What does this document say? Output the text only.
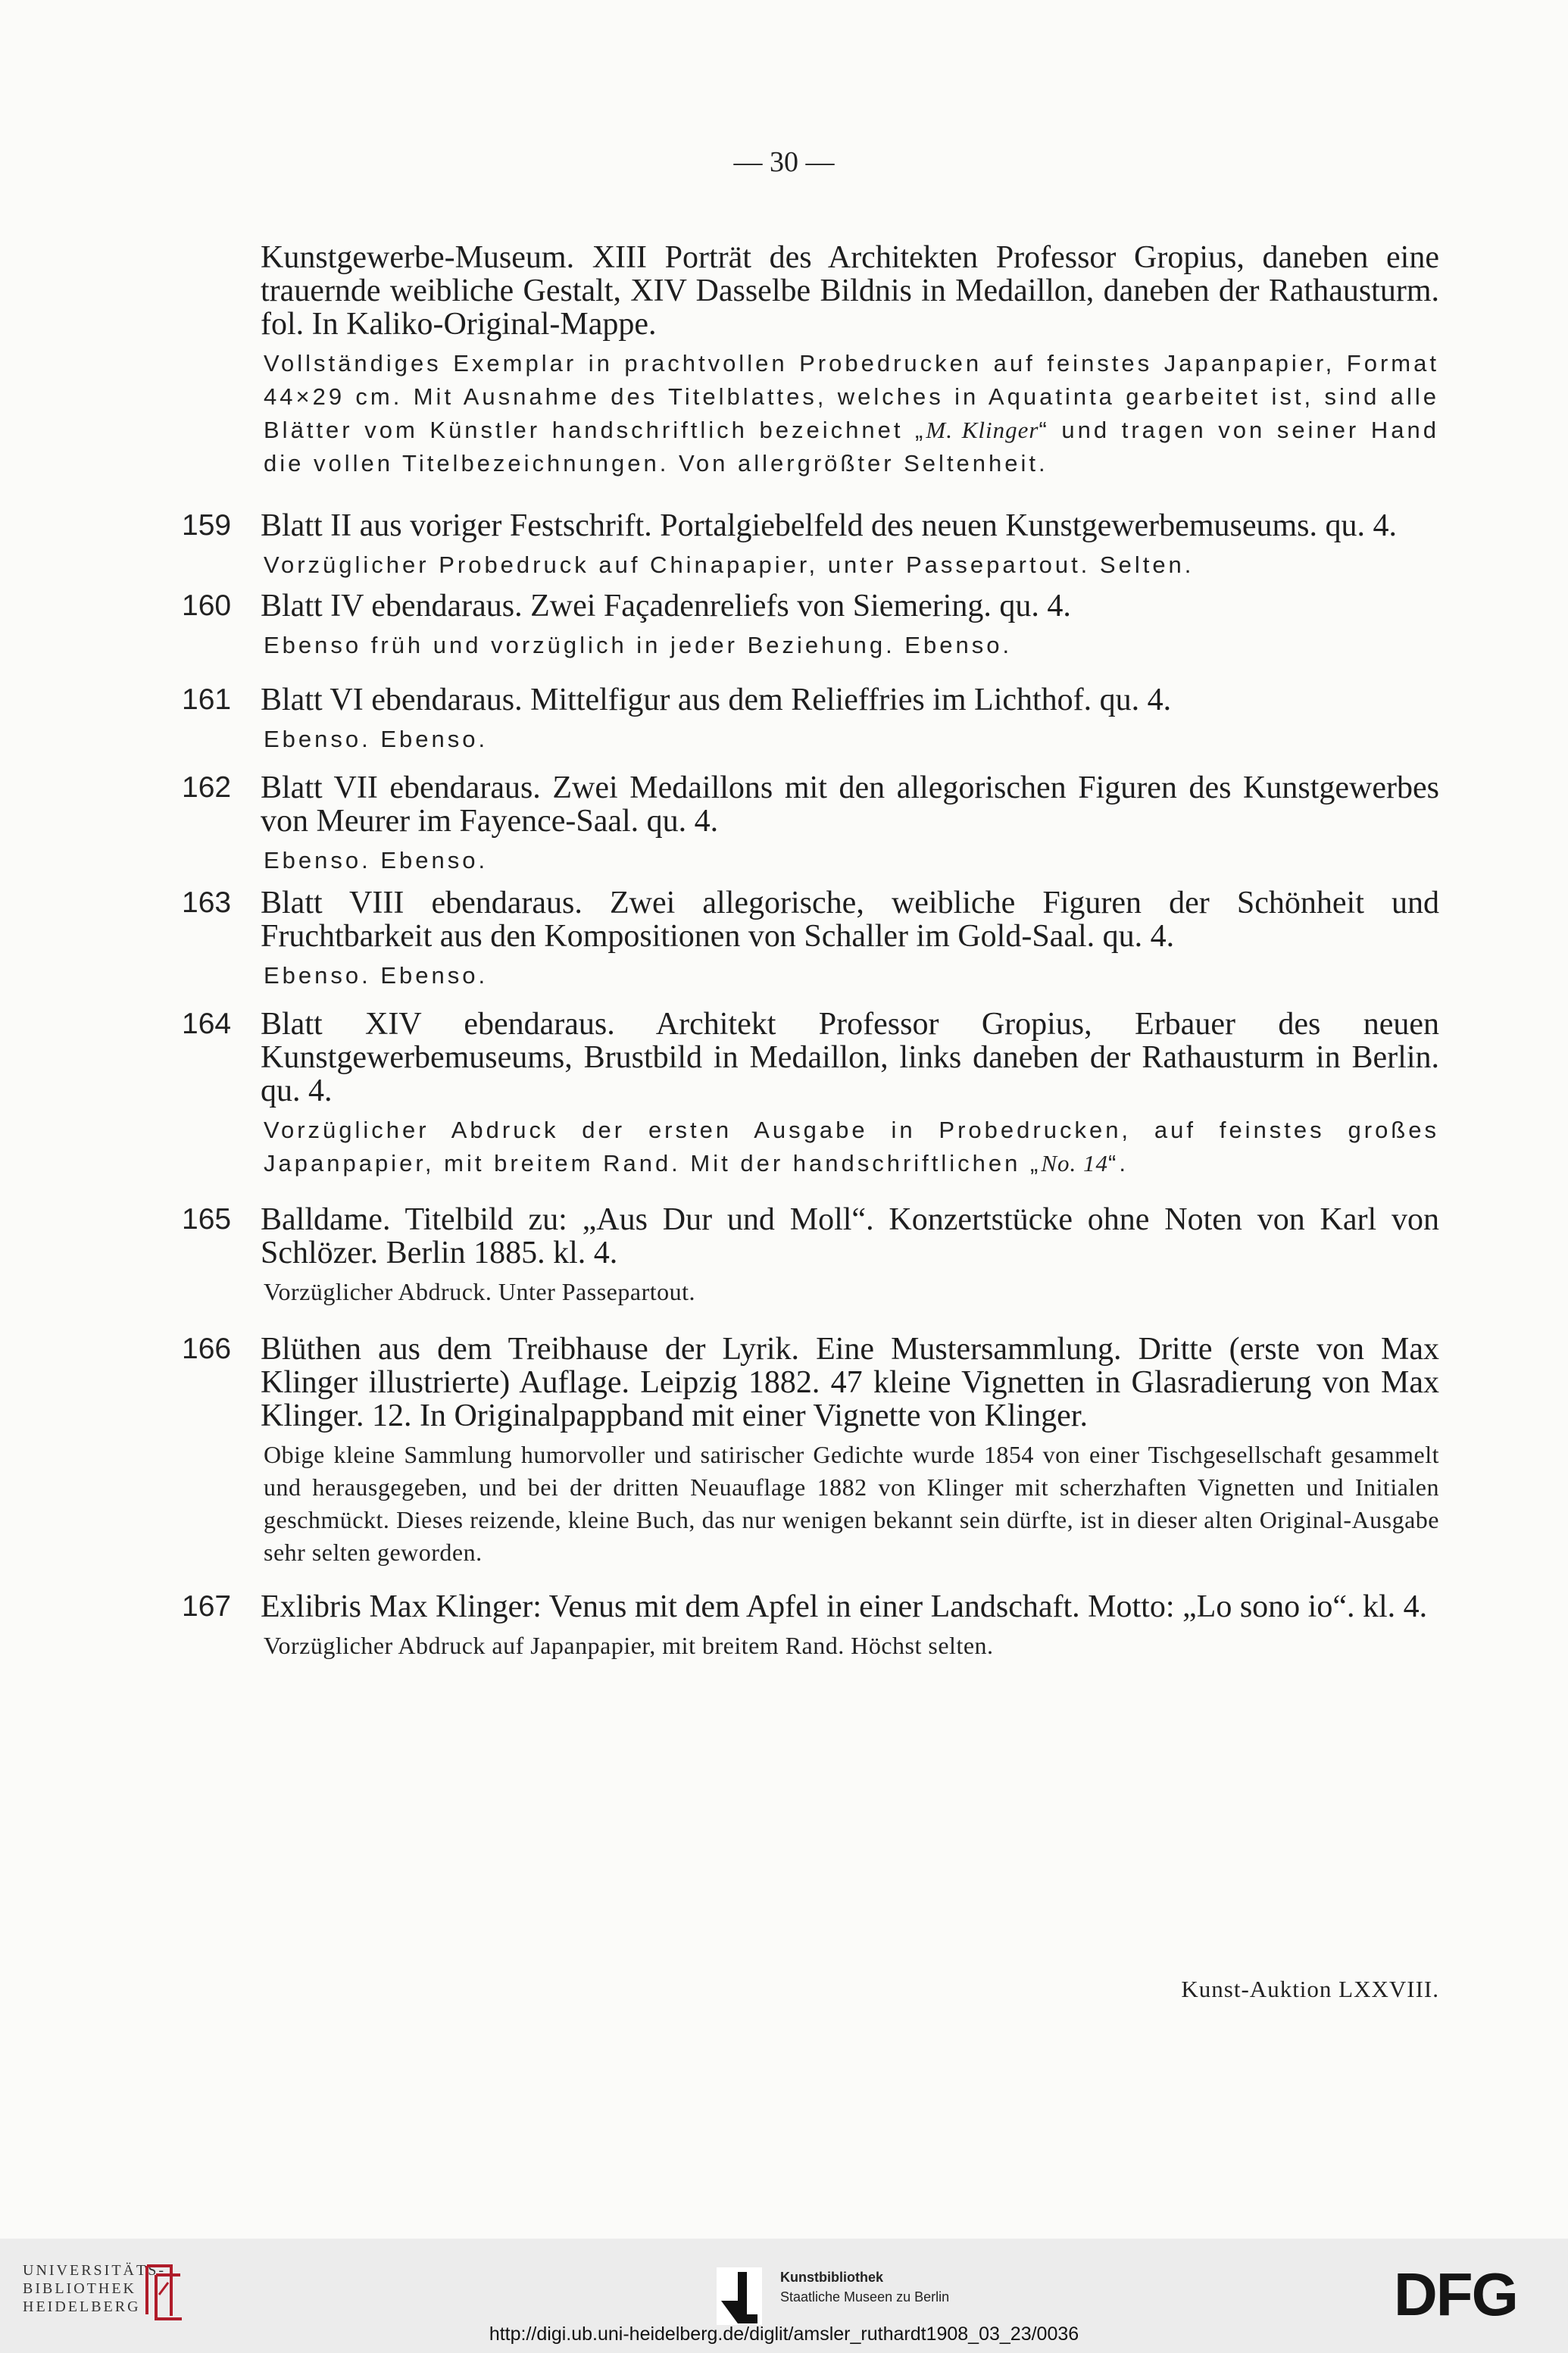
— 30 —

Kunstgewerbe-Museum. XIII Porträt des Architekten Professor Gropius, daneben eine trauernde weibliche Gestalt, XIV Dasselbe Bildnis in Medaillon, daneben der Rathausturm. fol. In Kaliko-Original-Mappe.

Vollständiges Exemplar in prachtvollen Probedrucken auf feinstes Japanpapier, Format 44×29 cm. Mit Ausnahme des Titelblattes, welches in Aquatinta gearbeitet ist, sind alle Blätter vom Künstler handschriftlich bezeichnet „M. Klinger“ und tragen von seiner Hand die vollen Titelbezeichnungen. Von allergrößter Seltenheit.

159 Blatt II aus voriger Festschrift. Portalgiebelfeld des neuen Kunstgewerbemuseums. qu. 4.

Vorzüglicher Probedruck auf Chinapapier, unter Passepartout. Selten.

160 Blatt IV ebendaraus. Zwei Façadenreliefs von Siemering. qu. 4.

Ebenso früh und vorzüglich in jeder Beziehung. Ebenso.

161 Blatt VI ebendaraus. Mittelfigur aus dem Relieffries im Lichthof. qu. 4.

Ebenso. Ebenso.

162 Blatt VII ebendaraus. Zwei Medaillons mit den allegorischen Figuren des Kunstgewerbes von Meurer im Fayence-Saal. qu. 4.

Ebenso. Ebenso.

163 Blatt VIII ebendaraus. Zwei allegorische, weibliche Figuren der Schönheit und Fruchtbarkeit aus den Kompositionen von Schaller im Gold-Saal. qu. 4.

Ebenso. Ebenso.

164 Blatt XIV ebendaraus. Architekt Professor Gropius, Erbauer des neuen Kunstgewerbemuseums, Brustbild in Medaillon, links daneben der Rathausturm in Berlin. qu. 4.

Vorzüglicher Abdruck der ersten Ausgabe in Probedrucken, auf feinstes großes Japanpapier, mit breitem Rand. Mit der handschriftlichen „No. 14“.

165 Balldame. Titelbild zu: „Aus Dur und Moll“. Konzertstücke ohne Noten von Karl von Schlözer. Berlin 1885. kl. 4.

Vorzüglicher Abdruck. Unter Passepartout.

166 Blüthen aus dem Treibhause der Lyrik. Eine Mustersammlung. Dritte (erste von Max Klinger illustrierte) Auflage. Leipzig 1882. 47 kleine Vignetten in Glasradierung von Max Klinger. 12. In Originalpappband mit einer Vignette von Klinger.

Obige kleine Sammlung humorvoller und satirischer Gedichte wurde 1854 von einer Tischgesellschaft gesammelt und herausgegeben, und bei der dritten Neuauflage 1882 von Klinger mit scherzhaften Vignetten und Initialen geschmückt. Dieses reizende, kleine Buch, das nur wenigen bekannt sein dürfte, ist in dieser alten Original-Ausgabe sehr selten geworden.

167 Exlibris Max Klinger: Venus mit dem Apfel in einer Landschaft. Motto: „Lo sono io“. kl. 4.

Vorzüglicher Abdruck auf Japanpapier, mit breitem Rand. Höchst selten.

Kunst-Auktion LXXVIII.
UNIVERSITÄTS-
BIBLIOTHEK
HEIDELBERG
Kunstbibliothek
Staatliche Museen zu Berlin	DFG
http://digi.ub.uni-heidelberg.de/diglit/amsler_ruthardt1908_03_23/0036
